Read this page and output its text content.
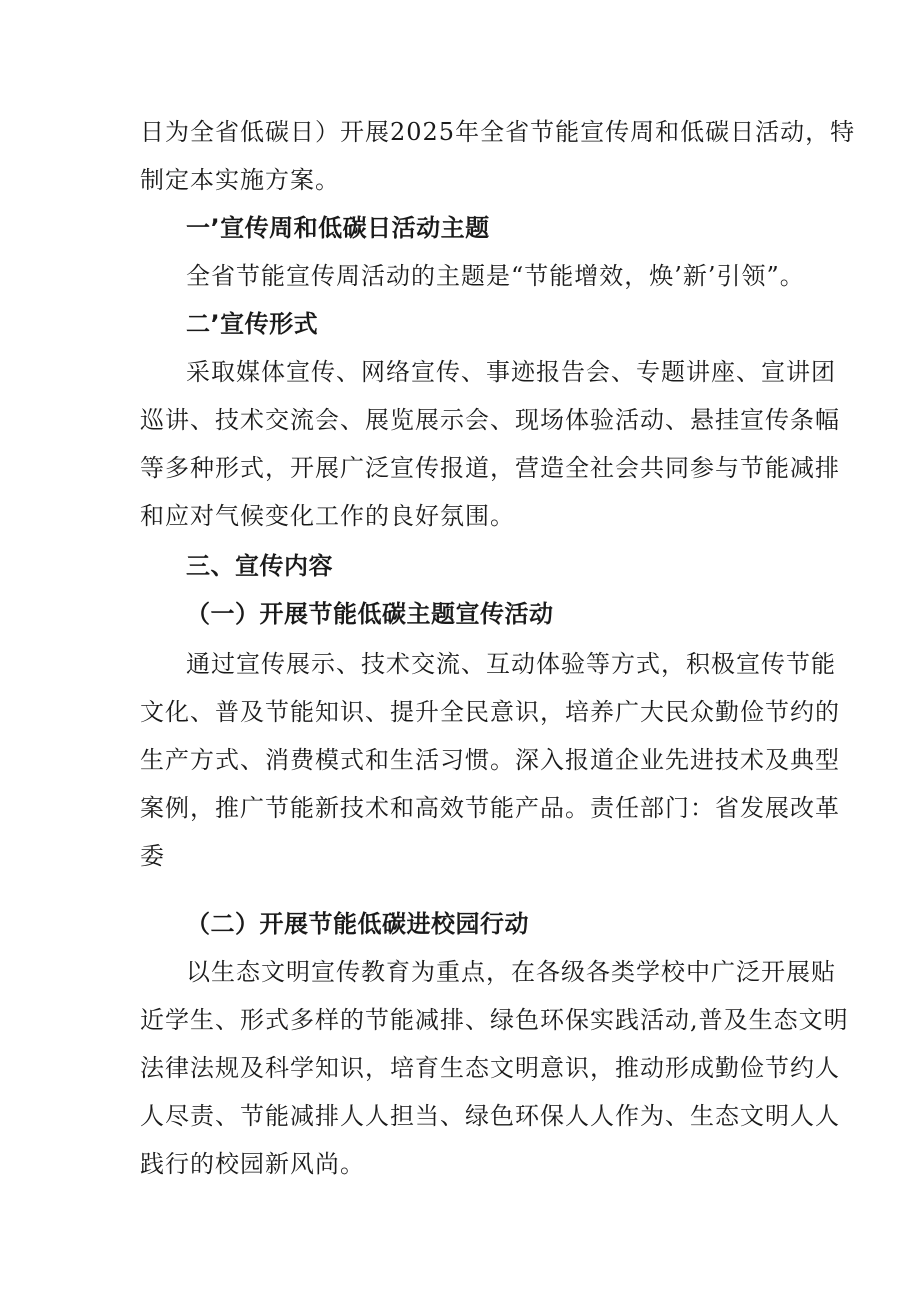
日为全省低碳日）开展2025年全省节能宣传周和低碳日活动，特
制定本实施方案。
一’宣传周和低碳日活动主题
全省节能宣传周活动的主题是“节能增效，焕’新’引领”。
二’宣传形式
采取媒体宣传、网络宣传、事迹报告会、专题讲座、宣讲团
巡讲、技术交流会、展览展示会、现场体验活动、悬挂宣传条幅
等多种形式，开展广泛宣传报道，营造全社会共同参与节能减排
和应对气候变化工作的良好氛围。
三、宣传内容
（一）开展节能低碳主题宣传活动
通过宣传展示、技术交流、互动体验等方式，积极宣传节能
文化、普及节能知识、提升全民意识，培养广大民众勤俭节约的
生产方式、消费模式和生活习惯。深入报道企业先进技术及典型
案例，推广节能新技术和高效节能产品。责任部门：省发展改革
委
（二）开展节能低碳进校园行动
以生态文明宣传教育为重点，在各级各类学校中广泛开展贴
近学生、形式多样的节能减排、绿色环保实践活动,普及生态文明
法律法规及科学知识，培育生态文明意识，推动形成勤俭节约人
人尽责、节能减排人人担当、绿色环保人人作为、生态文明人人
践行的校园新风尚。
